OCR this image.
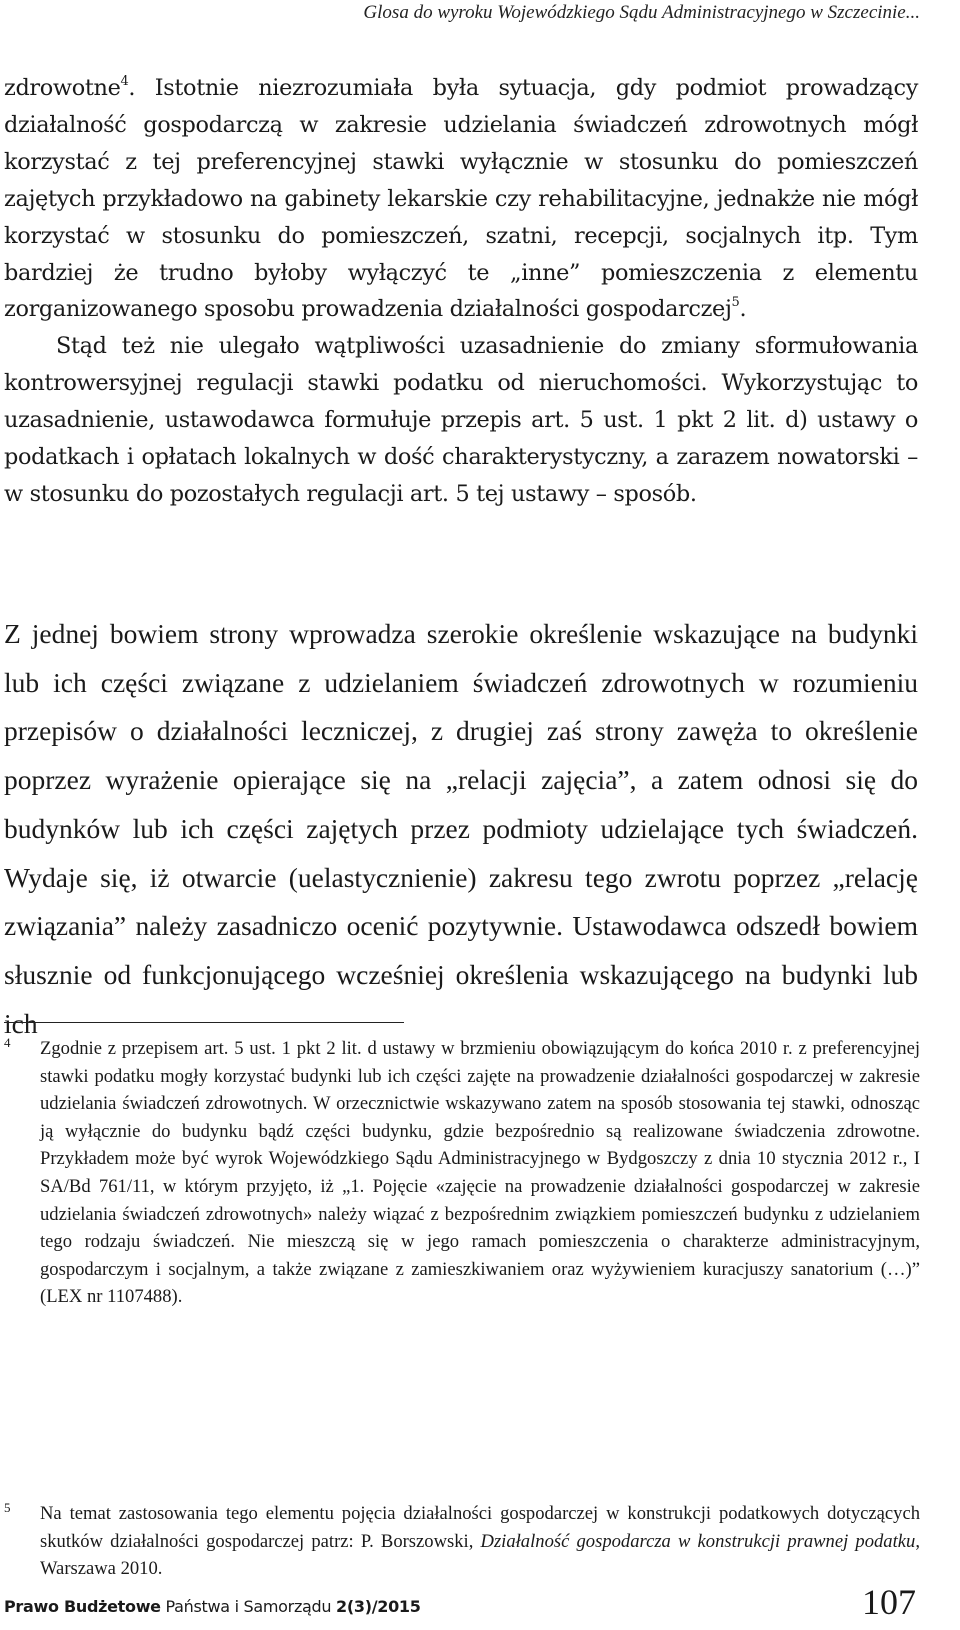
Glosa do wyroku Wojewódzkiego Sądu Administracyjnego w Szczecinie...

zdrowotne$^4$. Istotnie niezrozumiała była sytuacja, gdy podmiot prowadzący działalność gospodarczą w zakresie udzielania świadczeń zdrowotnych mógł korzystać z tej preferencyjnej stawki wyłącznie w stosunku do pomieszczeń zajętych przykładowo na gabinety lekarskie czy rehabilitacyjne, jednakże nie mógł korzystać w stosunku do pomieszczeń, szatni, recepcji, socjalnych itp. Tym bardziej że trudno byłoby wyłączyć te „inne” pomieszczenia z elementu zorganizowanego sposobu prowadzenia działalności gospodarczej$^5$.

Stąd też nie ulegało wątpliwości uzasadnienie do zmiany sformułowania kontrowersyjnej regulacji stawki podatku od nieruchomości. Wykorzystując to uzasadnienie, ustawodawca formułuje przepis art. 5 ust. 1 pkt 2 lit. d) ustawy o podatkach i opłatach lokalnych w dość charakterystyczny, a zarazem nowatorski – w stosunku do pozostałych regulacji art. 5 tej ustawy – sposób.

Z jednej bowiem strony wprowadza szerokie określenie wskazujące na budynki lub ich części związane z udzielaniem świadczeń zdrowotnych w rozumieniu przepisów o działalności leczniczej, z drugiej zaś strony zawęża to określenie poprzez wyrażenie opierające się na „relacji zajęcia”, a zatem odnosi się do budynków lub ich części zajętych przez podmioty udzielające tych świadczeń. Wydaje się, iż otwarcie (uelastycznienie) zakresu tego zwrotu poprzez „relację związania” należy zasadniczo ocenić pozytywnie. Ustawodawca odszedł bowiem słusznie od funkcjonującego wcześniej określenia wskazującego na budynki lub ich

4 Zgodnie z przepisem art. 5 ust. 1 pkt 2 lit. d ustawy w brzmieniu obowiązującym do końca 2010 r. z preferencyjnej stawki podatku mogły korzystać budynki lub ich części zajęte na prowadzenie działalności gospodarczej w zakresie udzielania świadczeń zdrowotnych. W orzecznictwie wskazywano zatem na sposób stosowania tej stawki, odnosząc ją wyłącznie do budynku bądź części budynku, gdzie bezpośrednio są realizowane świadczenia zdrowotne. Przykładem może być wyrok Wojewódzkiego Sądu Administracyjnego w Bydgoszczy z dnia 10 stycznia 2012 r., I SA/Bd 761/11, w którym przyjęto, iż „1. Pojęcie «zajęcie na prowadzenie działalności gospodarczej w zakresie udzielania świadczeń zdrowotnych» należy wiązać z bezpośrednim związkiem pomieszczeń budynku z udzielaniem tego rodzaju świadczeń. Nie mieszczą się w jego ramach pomieszczenia o charakterze administracyjnym, gospodarczym i socjalnym, a także związane z zamieszkiwaniem oraz wyżywieniem kuracjuszy sanatorium (…)” (LEX nr 1107488).
5 Na temat zastosowania tego elementu pojęcia działalności gospodarczej w konstrukcji podatkowych dotyczących skutków działalności gospodarczej patrz: P. Borszowski, Działalność gospodarcza w konstrukcji prawnej podatku, Warszawa 2010.
Prawo Budżetowe Państwa i Samorządu 2(3)/2015	107
